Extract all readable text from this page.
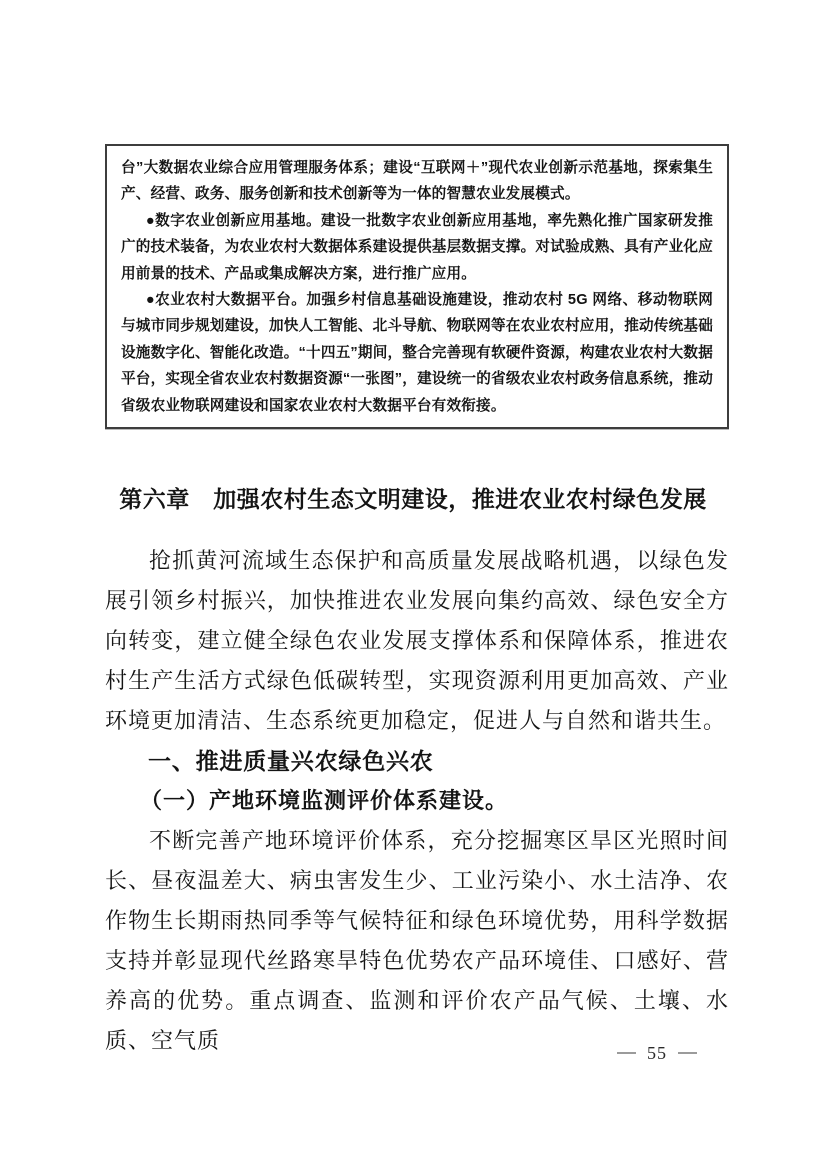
台”大数据农业综合应用管理服务体系；建设“互联网＋”现代农业创新示范基地，探索集生产、经营、政务、服务创新和技术创新等为一体的智慧农业发展模式。

●数字农业创新应用基地。建设一批数字农业创新应用基地，率先熟化推广国家研发推广的技术装备，为农业农村大数据体系建设提供基层数据支撑。对试验成熟、具有产业化应用前景的技术、产品或集成解决方案，进行推广应用。

●农业农村大数据平台。加强乡村信息基础设施建设，推动农村 5G 网络、移动物联网与城市同步规划建设，加快人工智能、北斗导航、物联网等在农业农村应用，推动传统基础设施数字化、智能化改造。“十四五”期间，整合完善现有软硬件资源，构建农业农村大数据平台，实现全省农业农村数据资源“一张图”，建设统一的省级农业农村政务信息系统，推动省级农业物联网建设和国家农业农村大数据平台有效衔接。

第六章　加强农村生态文明建设，推进农业农村绿色发展

抢抓黄河流域生态保护和高质量发展战略机遇，以绿色发展引领乡村振兴，加快推进农业发展向集约高效、绿色安全方向转变，建立健全绿色农业发展支撑体系和保障体系，推进农村生产生活方式绿色低碳转型，实现资源利用更加高效、产业环境更加清洁、生态系统更加稳定，促进人与自然和谐共生。

一、推进质量兴农绿色兴农
（一）产地环境监测评价体系建设。

不断完善产地环境评价体系，充分挖掘寒区旱区光照时间长、昼夜温差大、病虫害发生少、工业污染小、水土洁净、农作物生长期雨热同季等气候特征和绿色环境优势，用科学数据支持并彰显现代丝路寒旱特色优势农产品环境佳、口感好、营养高的优势。重点调查、监测和评价农产品气候、土壤、水质、空气质	55
